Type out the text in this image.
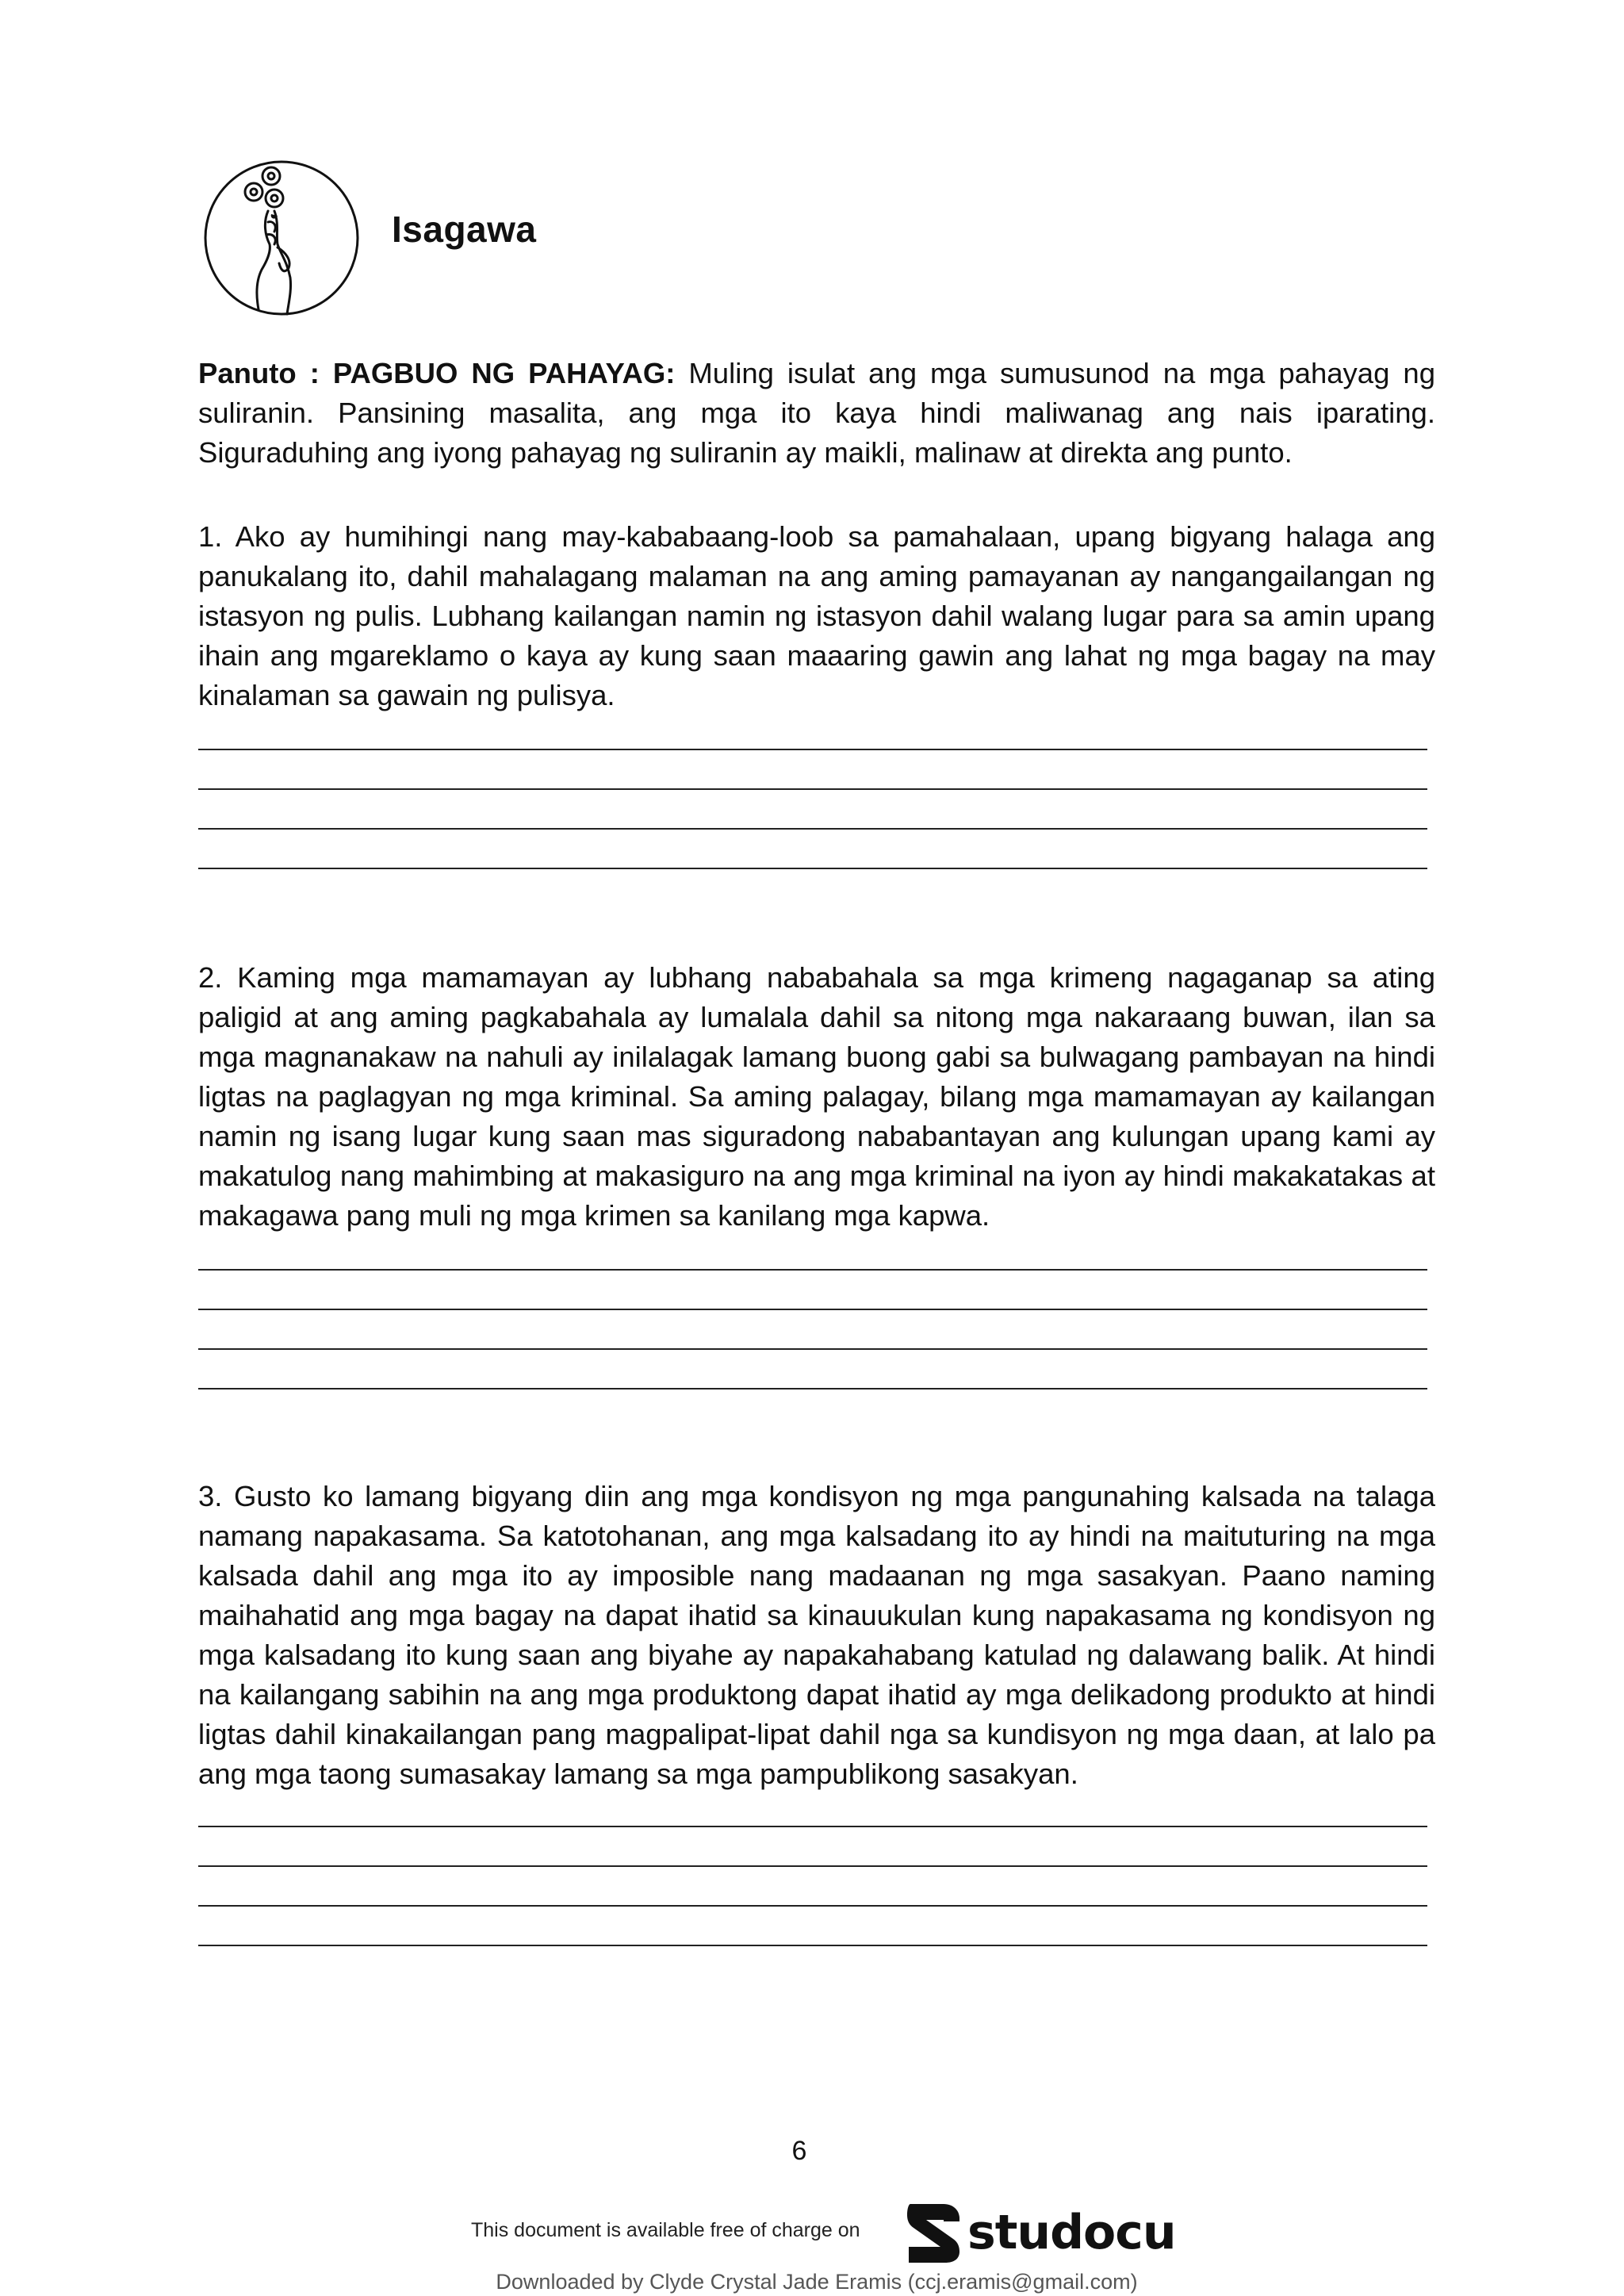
Isagawa

Panuto : PAGBUO NG PAHAYAG: Muling isulat ang mga sumusunod na mga pahayag ng suliranin. Pansining masalita, ang mga ito kaya hindi maliwanag ang nais iparating. Siguraduhing ang iyong pahayag ng suliranin ay maikli, malinaw at direkta ang punto.

1. Ako ay humihingi nang may-kababaang-loob sa pamahalaan, upang bigyang halaga ang panukalang ito, dahil mahalagang malaman na ang aming pamayanan ay nangangailangan ng istasyon ng pulis. Lubhang kailangan namin ng istasyon dahil walang lugar para sa amin upang ihain ang mgareklamo o kaya ay kung saan maaaring gawin ang lahat ng mga bagay na may kinalaman sa gawain ng pulisya.

2. Kaming mga mamamayan ay lubhang nababahala sa mga krimeng nagaganap sa ating paligid at ang aming pagkabahala ay lumalala dahil sa nitong mga nakaraang buwan, ilan sa mga magnanakaw na nahuli ay inilalagak lamang buong gabi sa bulwagang pambayan na hindi ligtas na paglagyan ng mga kriminal. Sa aming palagay, bilang mga mamamayan ay kailangan namin ng isang lugar kung saan mas siguradong nababantayan ang kulungan upang kami ay makatulog nang mahimbing at makasiguro na ang mga kriminal na iyon ay hindi makakatakas at makagawa pang muli ng mga krimen sa kanilang mga kapwa.

3. Gusto ko lamang bigyang diin ang mga kondisyon ng mga pangunahing kalsada na talaga namang napakasama. Sa katotohanan, ang mga kalsadang ito ay hindi na maituturing na mga kalsada dahil ang mga ito ay imposible nang madaanan ng mga sasakyan. Paano naming maihahatid ang mga bagay na dapat ihatid sa kinauukulan kung napakasama ng kondisyon ng mga kalsadang ito kung saan ang biyahe ay napakahabang katulad ng dalawang balik. At hindi na kailangang sabihin na ang mga produktong dapat ihatid ay mga delikadong produkto at hindi ligtas dahil kinakailangan pang magpalipat-lipat dahil nga sa kundisyon ng mga daan, at lalo pa ang mga taong sumasakay lamang sa mga pampublikong sasakyan.

6
This document is available free of charge on studocu
Downloaded by Clyde Crystal Jade Eramis (ccj.eramis@gmail.com)
